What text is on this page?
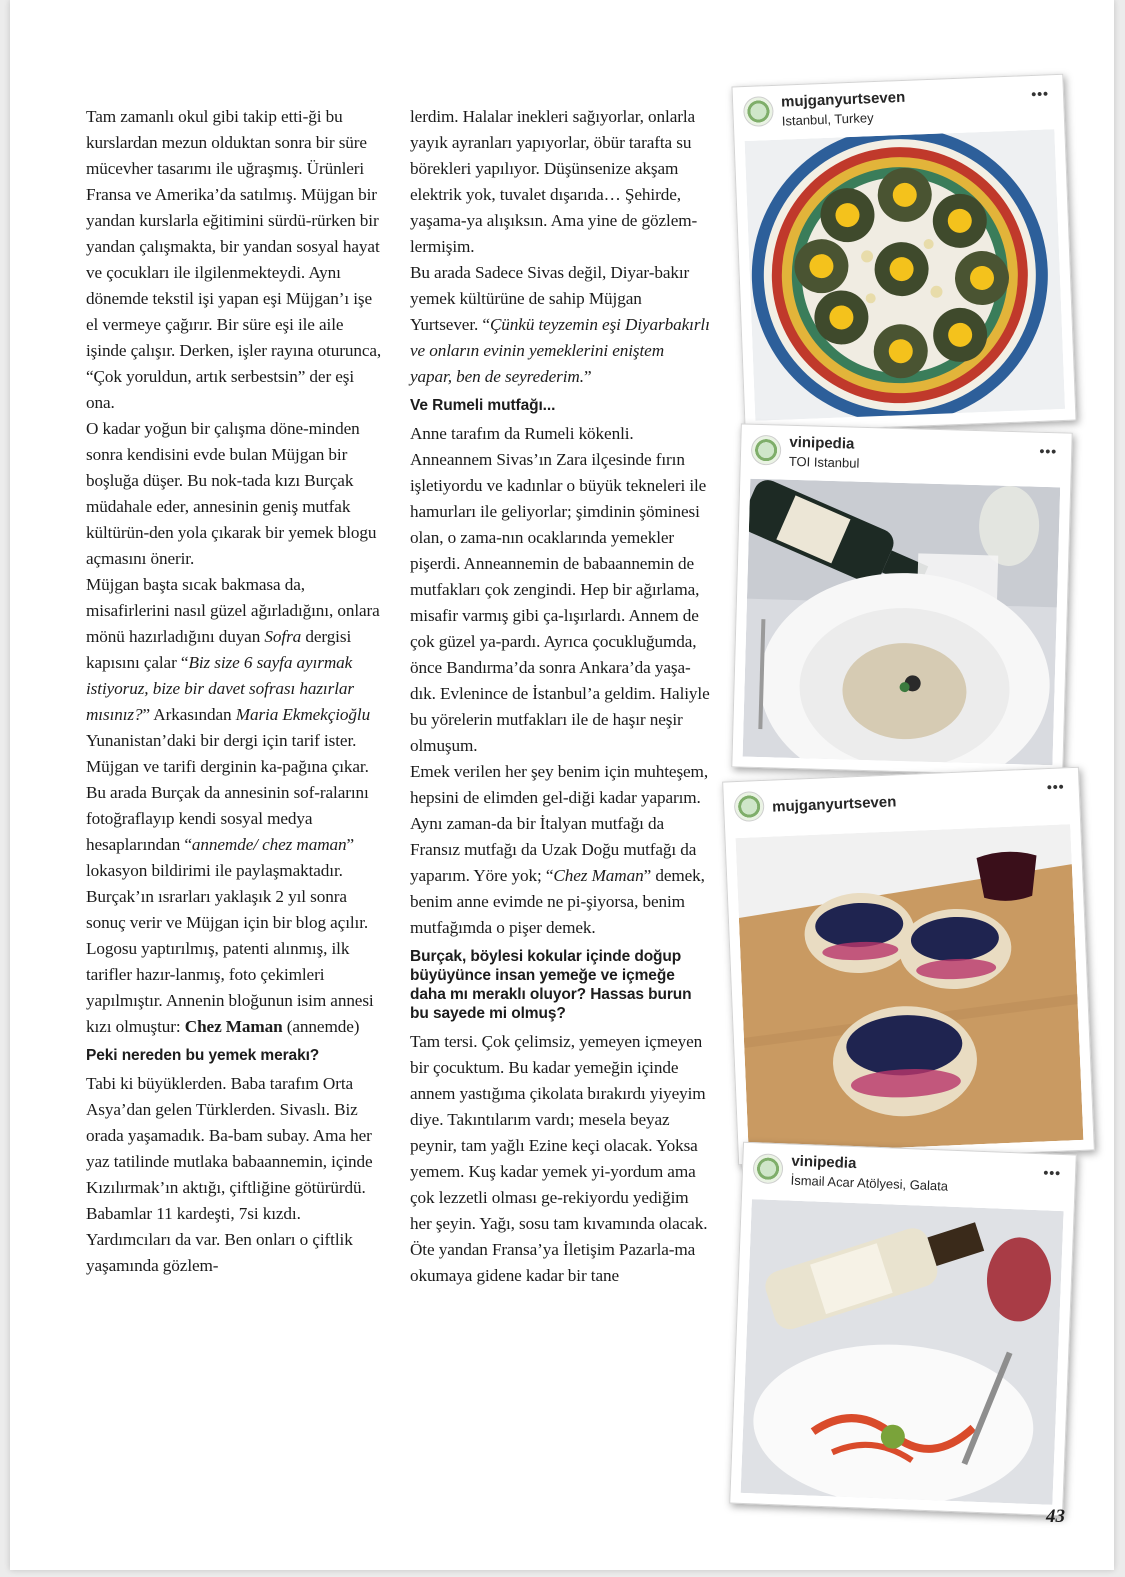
Tam zamanlı okul gibi takip etti-ği bu kurslardan mezun olduktan sonra bir süre mücevher tasarımı ile uğraşmış. Ürünleri Fransa ve Amerika’da satılmış. Müjgan bir yandan kurslarla eğitimini sürdü-rürken bir yandan çalışmakta, bir yandan sosyal hayat ve çocukları ile ilgilenmekteydi. Aynı dönemde tekstil işi yapan eşi Müjgan’ı işe el vermeye çağırır. Bir süre eşi ile aile işinde çalışır. Derken, işler rayına oturunca, “Çok yoruldun, artık serbestsin” der eşi ona.

O kadar yoğun bir çalışma döne-minden sonra kendisini evde bulan Müjgan bir boşluğa düşer. Bu nok-tada kızı Burçak müdahale eder, annesinin geniş mutfak kültürün-den yola çıkarak bir yemek blogu açmasını önerir.

Müjgan başta sıcak bakmasa da, misafirlerini nasıl güzel ağırladığını, onlara mönü hazırladığını duyan Sofra dergisi kapısını çalar “Biz size 6 sayfa ayırmak istiyoruz, bize bir davet sofrası hazırlar mısınız?” Arkasından Maria Ekmekçioğlu Yunanistan’daki bir dergi için tarif ister. Müjgan ve tarifi derginin ka-pağına çıkar.

Bu arada Burçak da annesinin sof-ralarını fotoğraflayıp kendi sosyal medya hesaplarından “annemde/ chez maman” lokasyon bildirimi ile paylaşmaktadır.

Burçak’ın ısrarları yaklaşık 2 yıl sonra sonuç verir ve Müjgan için bir blog açılır. Logosu yaptırılmış, patenti alınmış, ilk tarifler hazır-lanmış, foto çekimleri yapılmıştır. Annenin bloğunun isim annesi kızı olmuştur: Chez Maman (annemde)

Peki nereden bu yemek merakı?

Tabi ki büyüklerden. Baba tarafım Orta Asya’dan gelen Türklerden. Sivaslı. Biz orada yaşamadık. Ba-bam subay. Ama her yaz tatilinde mutlaka babaannemin, içinde Kızılırmak’ın aktığı, çiftliğine götürürdü. Babamlar 11 kardeşti, 7si kızdı. Yardımcıları da var. Ben onları o çiftlik yaşamında gözlem-

lerdim. Halalar inekleri sağıyorlar, onlarla yayık ayranları yapıyorlar, öbür tarafta su börekleri yapılıyor. Düşünsenize akşam elektrik yok, tuvalet dışarıda… Şehirde, yaşama-ya alışıksın. Ama yine de gözlem-lermişim.

Bu arada Sadece Sivas değil, Diyar-bakır yemek kültürüne de sahip Müjgan Yurtsever. “Çünkü teyzemin eşi Diyarbakırlı ve onların evinin yemeklerini eniştem yapar, ben de seyrederim.”

Ve Rumeli mutfağı...

Anne tarafım da Rumeli kökenli. Anneannem Sivas’ın Zara ilçesinde fırın işletiyordu ve kadınlar o büyük tekneleri ile hamurları ile geliyorlar; şimdinin şöminesi olan, o zama-nın ocaklarında yemekler pişerdi. Anneannemin de babaannemin de mutfakları çok zengindi. Hep bir ağırlama, misafir varmış gibi ça-lışırlardı. Annem de çok güzel ya-pardı. Ayrıca çocukluğumda, önce Bandırma’da sonra Ankara’da yaşa-dık. Evlenince de İstanbul’a geldim. Haliyle bu yörelerin mutfakları ile de haşır neşir olmuşum.

Emek verilen her şey benim için muhteşem, hepsini de elimden gel-diği kadar yaparım. Aynı zaman-da bir İtalyan mutfağı da Fransız mutfağı da Uzak Doğu mutfağı da yaparım. Yöre yok; “Chez Maman” demek, benim anne evimde ne pi-şiyorsa, benim mutfağımda o pişer demek.

Burçak, böylesi kokular içinde doğup büyüyünce insan yemeğe ve içmeğe daha mı meraklı oluyor? Hassas burun bu sayede mi olmuş?

Tam tersi. Çok çelimsiz, yemeyen içmeyen bir çocuktum. Bu kadar yemeğin içinde annem yastığıma çikolata bırakırdı yiyeyim diye. Takıntılarım vardı; mesela beyaz peynir, tam yağlı Ezine keçi olacak. Yoksa yemem. Kuş kadar yemek yi-yordum ama çok lezzetli olması ge-rekiyordu yediğim her şeyin. Yağı, sosu tam kıvamında olacak. Öte yandan Fransa’ya İletişim Pazarla-ma okumaya gidene kadar bir tane

mujganyurtseven
Istanbul, Turkey
•••
vinipedia
TOI Istanbul
•••
mujganyurtseven
•••
vinipedia
İsmail Acar Atölyesi, Galata	•••
43
